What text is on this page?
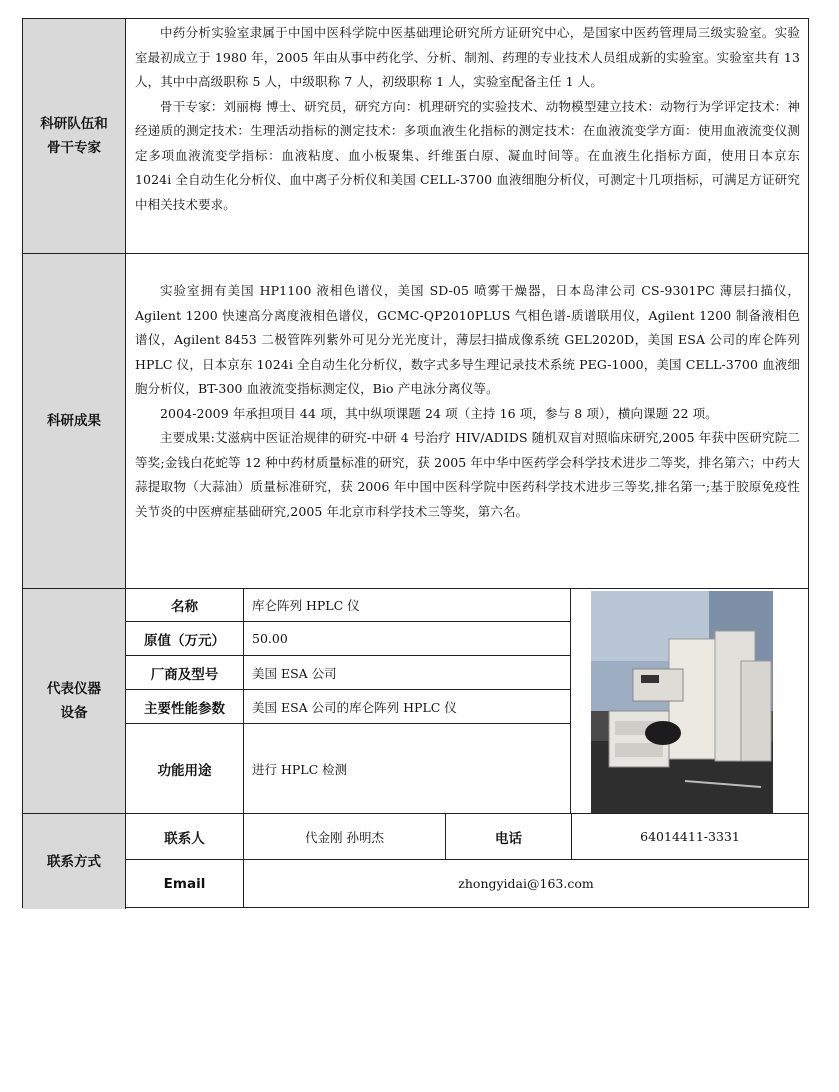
科研队伍和
骨干专家
中药分析实验室隶属于中国中医科学院中医基础理论研究所方证研究中心，是国家中医药管理局三级实验室。实验室最初成立于 1980 年，2005 年由从事中药化学、分析、制剂、药理的专业技术人员组成新的实验室。实验室共有 13 人，其中中高级职称 5 人，中级职称 7 人，初级职称 1 人，实验室配备主任 1 人。
骨干专家：刘丽梅 博士、研究员，研究方向：机理研究的实验技术、动物模型建立技术：动物行为学评定技术：神经递质的测定技术：生理活动指标的测定技术：多项血液生化指标的测定技术：在血液流变学方面：使用血液流变仪测定多项血液流变学指标：血液粘度、血小板聚集、纤维蛋白原、凝血时间等。在血液生化指标方面，使用日本京东 1024i 全自动生化分析仪、血中离子分析仪和美国 CELL-3700 血液细胞分析仪，可测定十几项指标，可满足方证研究中相关技术要求。
科研成果
实验室拥有美国 HP1100 液相色谱仪，美国 SD-05 喷雾干燥器，日本岛津公司 CS-9301PC 薄层扫描仪，Agilent 1200 快速高分离度液相色谱仪，GCMC-QP2010PLUS 气相色谱-质谱联用仪，Agilent 1200 制备液相色谱仪，Agilent 8453 二极管阵列紫外可见分光光度计，薄层扫描成像系统 GEL2020D，美国 ESA 公司的库仑阵列 HPLC 仪，日本京东 1024i 全自动生化分析仪，数字式多导生理记录技术系统 PEG-1000，美国 CELL-3700 血液细胞分析仪，BT-300 血液流变指标测定仪，Bio 产电泳分离仪等。
2004-2009 年承担项目 44 项，其中纵项课题 24 项（主持 16 项，参与 8 项），横向课题 22 项。
主要成果:艾滋病中医证治规律的研究-中研 4 号治疗 HIV/ADIDS 随机双盲对照临床研究,2005 年获中医研究院二等奖;金钱白花蛇等 12 种中药材质量标准的研究，获 2005 年中华中医药学会科学技术进步二等奖，排名第六；中药大蒜提取物（大蒜油）质量标准研究，获 2006 年中国中医科学院中医药科学技术进步三等奖,排名第一;基于胶原免疫性关节炎的中医痹症基础研究,2005 年北京市科学技术三等奖，第六名。
代表仪器
设备
名称	库仑阵列 HPLC 仪
原值（万元）	50.00
厂商及型号	美国 ESA 公司
主要性能参数	美国 ESA 公司的库仑阵列 HPLC 仪
功能用途	进行 HPLC 检测
联系方式
联系人	代金刚 孙明杰	电话	64014411-3331
Email	zhongyidai@163.com
